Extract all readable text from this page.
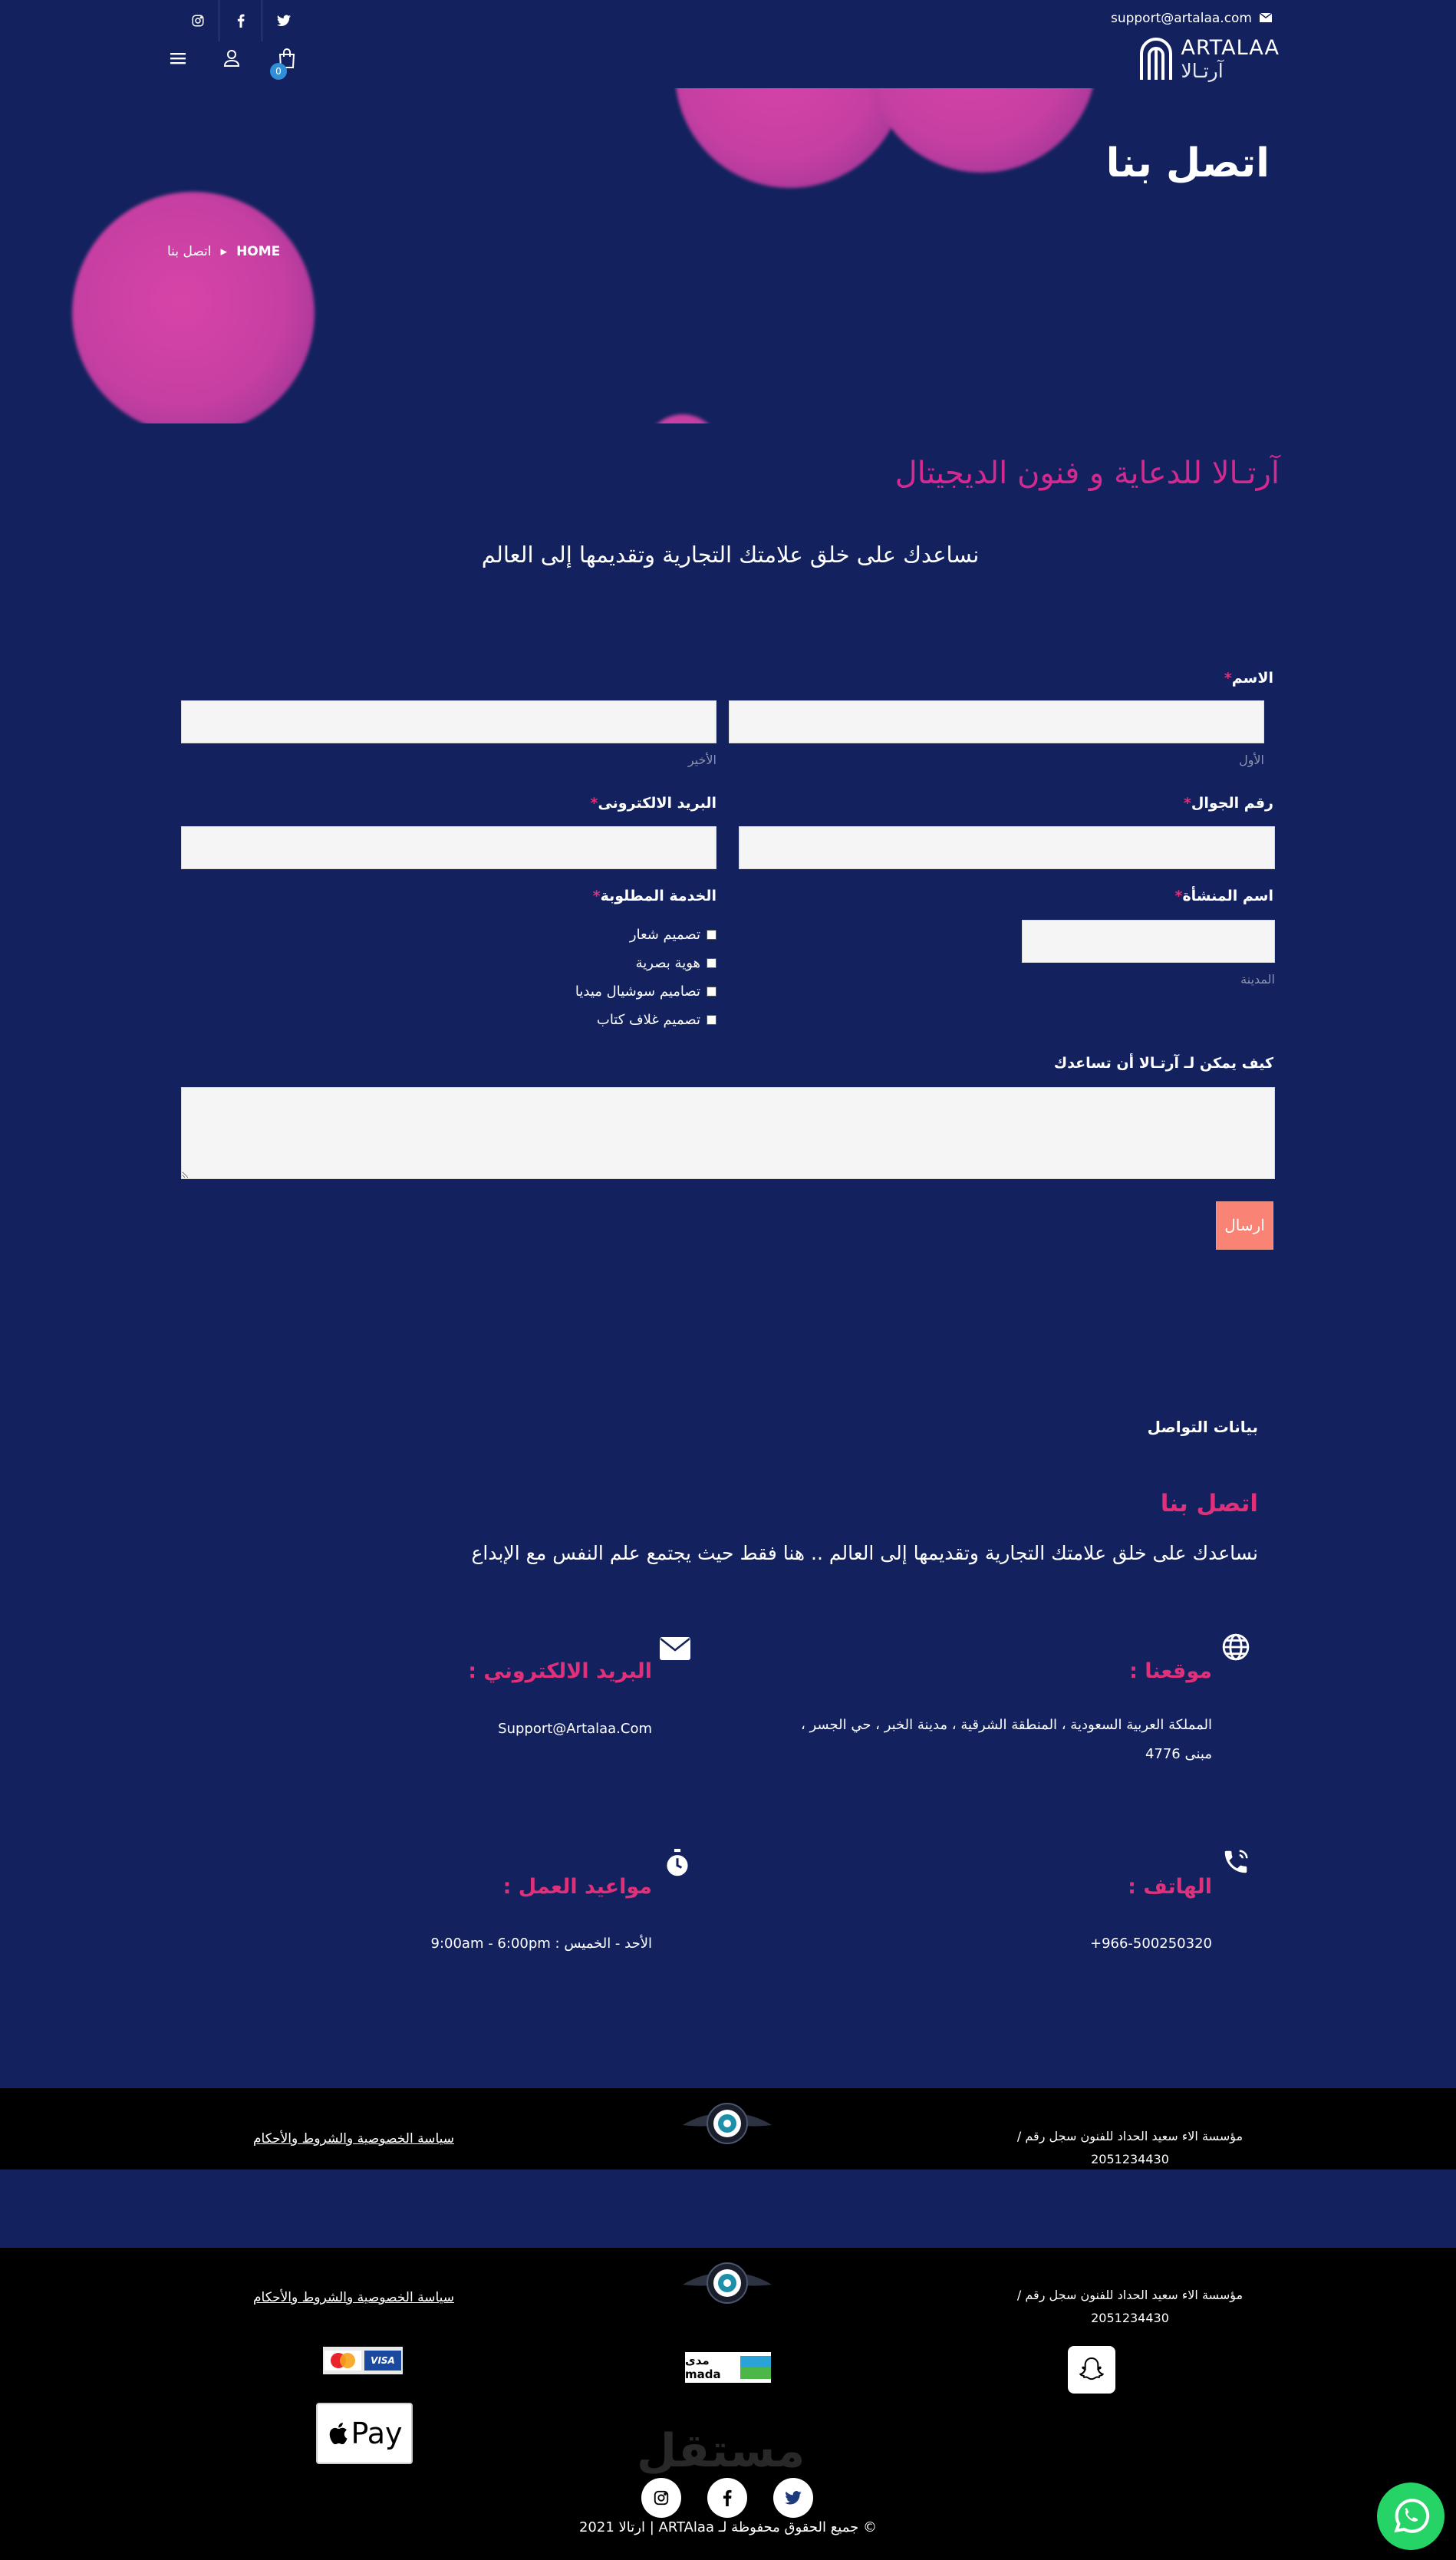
support@artalaa.com
ARTALAA
آرتـالا
0
اتصل بنا
اتصل بنا ▸ HOME
آرتـالا للدعاية و فنون الديجيتال
نساعدك على خلق علامتك التجارية وتقديمها إلى العالم
الاسم*
الأول
الأخير
رقم الجوال*
البريد الالكترونى*
اسم المنشأة*
المدينة
الخدمة المطلوبة*
تصميم شعار
هوية بصرية
تصاميم سوشيال ميديا
تصميم غلاف كتاب
كيف يمكن لـ آرتـالا أن تساعدك
ارسال
بيانات التواصل
اتصل بنا
نساعدك على خلق علامتك التجارية وتقديمها إلى العالم .. هنا فقط حيث يجتمع علم النفس مع الإبداع
موقعنا :
المملكة العربية السعودية ، المنطقة الشرقية ، مدينة الخبر ، حي الجسر ،
مبنى 4776
البريد الالكتروني :
Support@Artalaa.Com
الهاتف :
+966-500250320
مواعيد العمل :
الأحد - الخميس : 9:00am - 6:00pm
مؤسسة الاء سعيد الحداد للفنون سجل رقم /
2051234430
سياسة الخصوصية والشروط والأحكام
مؤسسة الاء سعيد الحداد للفنون سجل رقم /
2051234430
سياسة الخصوصية والشروط والأحكام
مدى mada
VISA
Pay	مستقل
© جميع الحقوق محفوظة لـ ARTAlaa | ارتالا 2021
